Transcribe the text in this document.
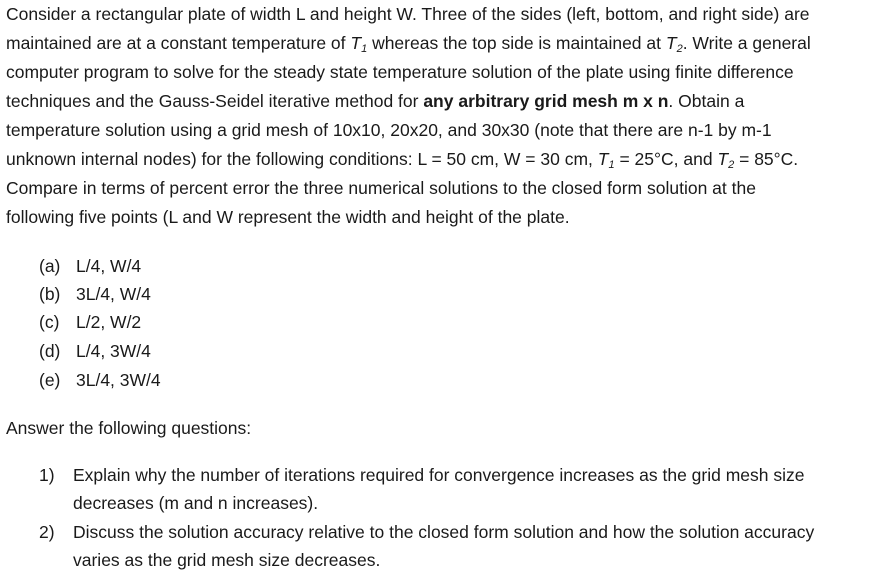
Consider a rectangular plate of width L and height W. Three of the sides (left, bottom, and right side) are
maintained are at a constant temperature of $T_1$ whereas the top side is maintained at $T_2$. Write a general
computer program to solve for the steady state temperature solution of the plate using finite difference
techniques and the Gauss-Seidel iterative method for any arbitrary grid mesh m x n. Obtain a
temperature solution using a grid mesh of 10x10, 20x20, and 30x30 (note that there are n-1 by m-1
unknown internal nodes) for the following conditions: L = 50 cm, W = 30 cm, $T_1 = 25^\circ C$, and $T_2 = 85^\circ C$.
Compare in terms of percent error the three numerical solutions to the closed form solution at the
following five points (L and W represent the width and height of the plate.
(a) L/4, W/4
(b) 3L/4, W/4
(c) L/2, W/2
(d) L/4, 3W/4
(e) 3L/4, 3W/4
Answer the following questions:
1) Explain why the number of iterations required for convergence increases as the grid mesh size
decreases (m and n increases).
2) Discuss the solution accuracy relative to the closed form solution and how the solution accuracy
varies as the grid mesh size decreases.
